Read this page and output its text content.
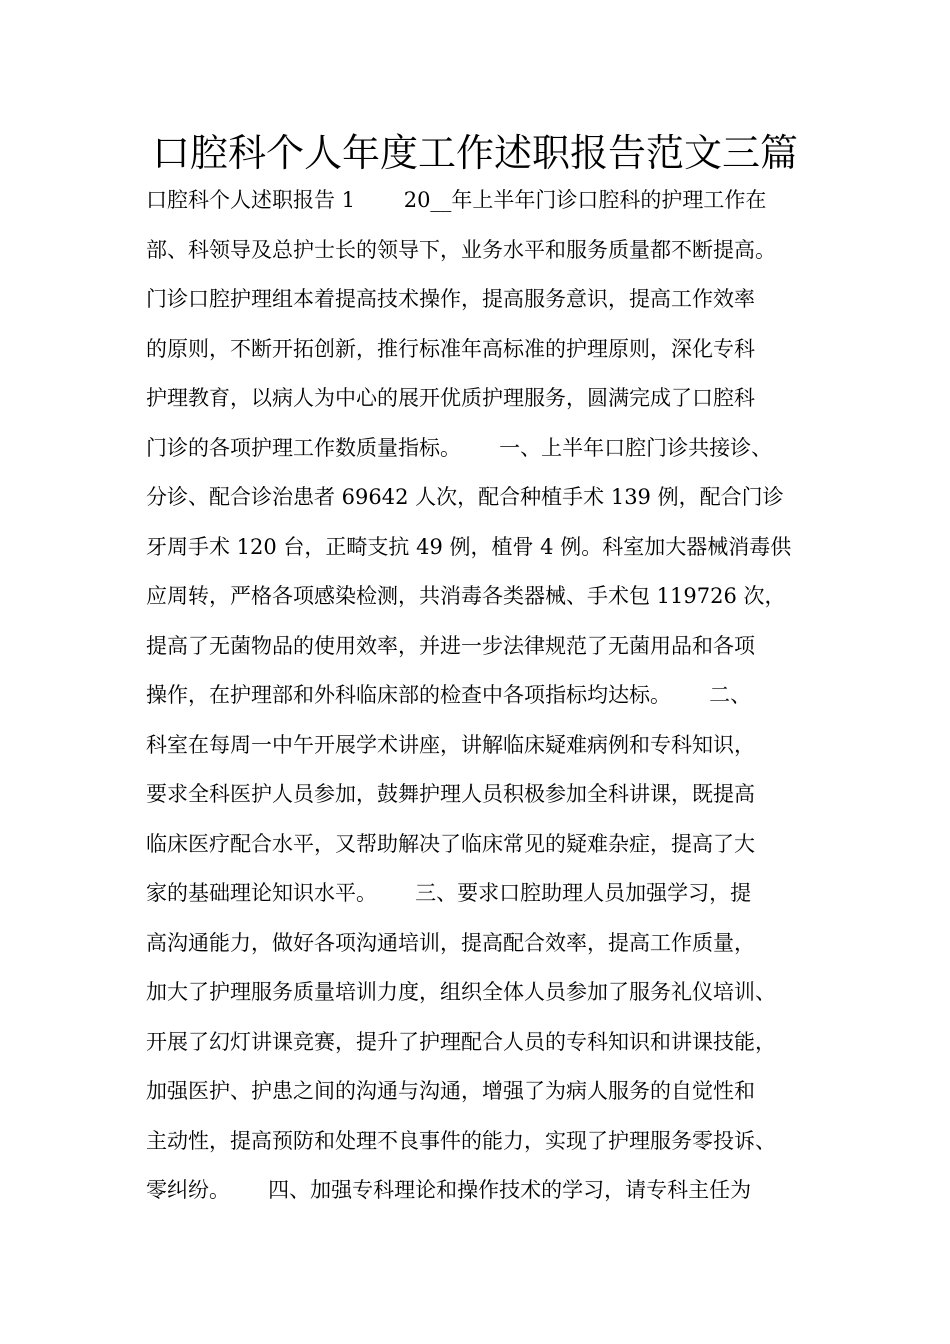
口腔科个人年度工作述职报告范文三篇
口腔科个人述职报告 1　　 20__年上半年门诊口腔科的护理工作在
部、科领导及总护士长的领导下，业务水平和服务质量都不断提高。
门诊口腔护理组本着提高技术操作，提高服务意识，提高工作效率
的原则，不断开拓创新，推行标准年高标准的护理原则，深化专科
护理教育，以病人为中心的展开优质护理服务，圆满完成了口腔科
门诊的各项护理工作数质量指标。　　 一、上半年口腔门诊共接诊、
分诊、配合诊治患者 69642 人次，配合种植手术 139 例，配合门诊
牙周手术 120 台，正畸支抗 49 例，植骨 4 例。科室加大器械消毒供
应周转，严格各项感染检测，共消毒各类器械、手术包 119726 次，
提高了无菌物品的使用效率，并进一步法律规范了无菌用品和各项
操作，在护理部和外科临床部的检查中各项指标均达标。　　 二、
科室在每周一中午开展学术讲座，讲解临床疑难病例和专科知识，
要求全科医护人员参加，鼓舞护理人员积极参加全科讲课，既提高
临床医疗配合水平，又帮助解决了临床常见的疑难杂症，提高了大
家的基础理论知识水平。　　 三、要求口腔助理人员加强学习，提
高沟通能力，做好各项沟通培训，提高配合效率，提高工作质量，
加大了护理服务质量培训力度，组织全体人员参加了服务礼仪培训、
开展了幻灯讲课竞赛，提升了护理配合人员的专科知识和讲课技能，
加强医护、护患之间的沟通与沟通，增强了为病人服务的自觉性和
主动性，提高预防和处理不良事件的能力，实现了护理服务零投诉、
零纠纷。　　 四、加强专科理论和操作技术的学习，请专科主任为
